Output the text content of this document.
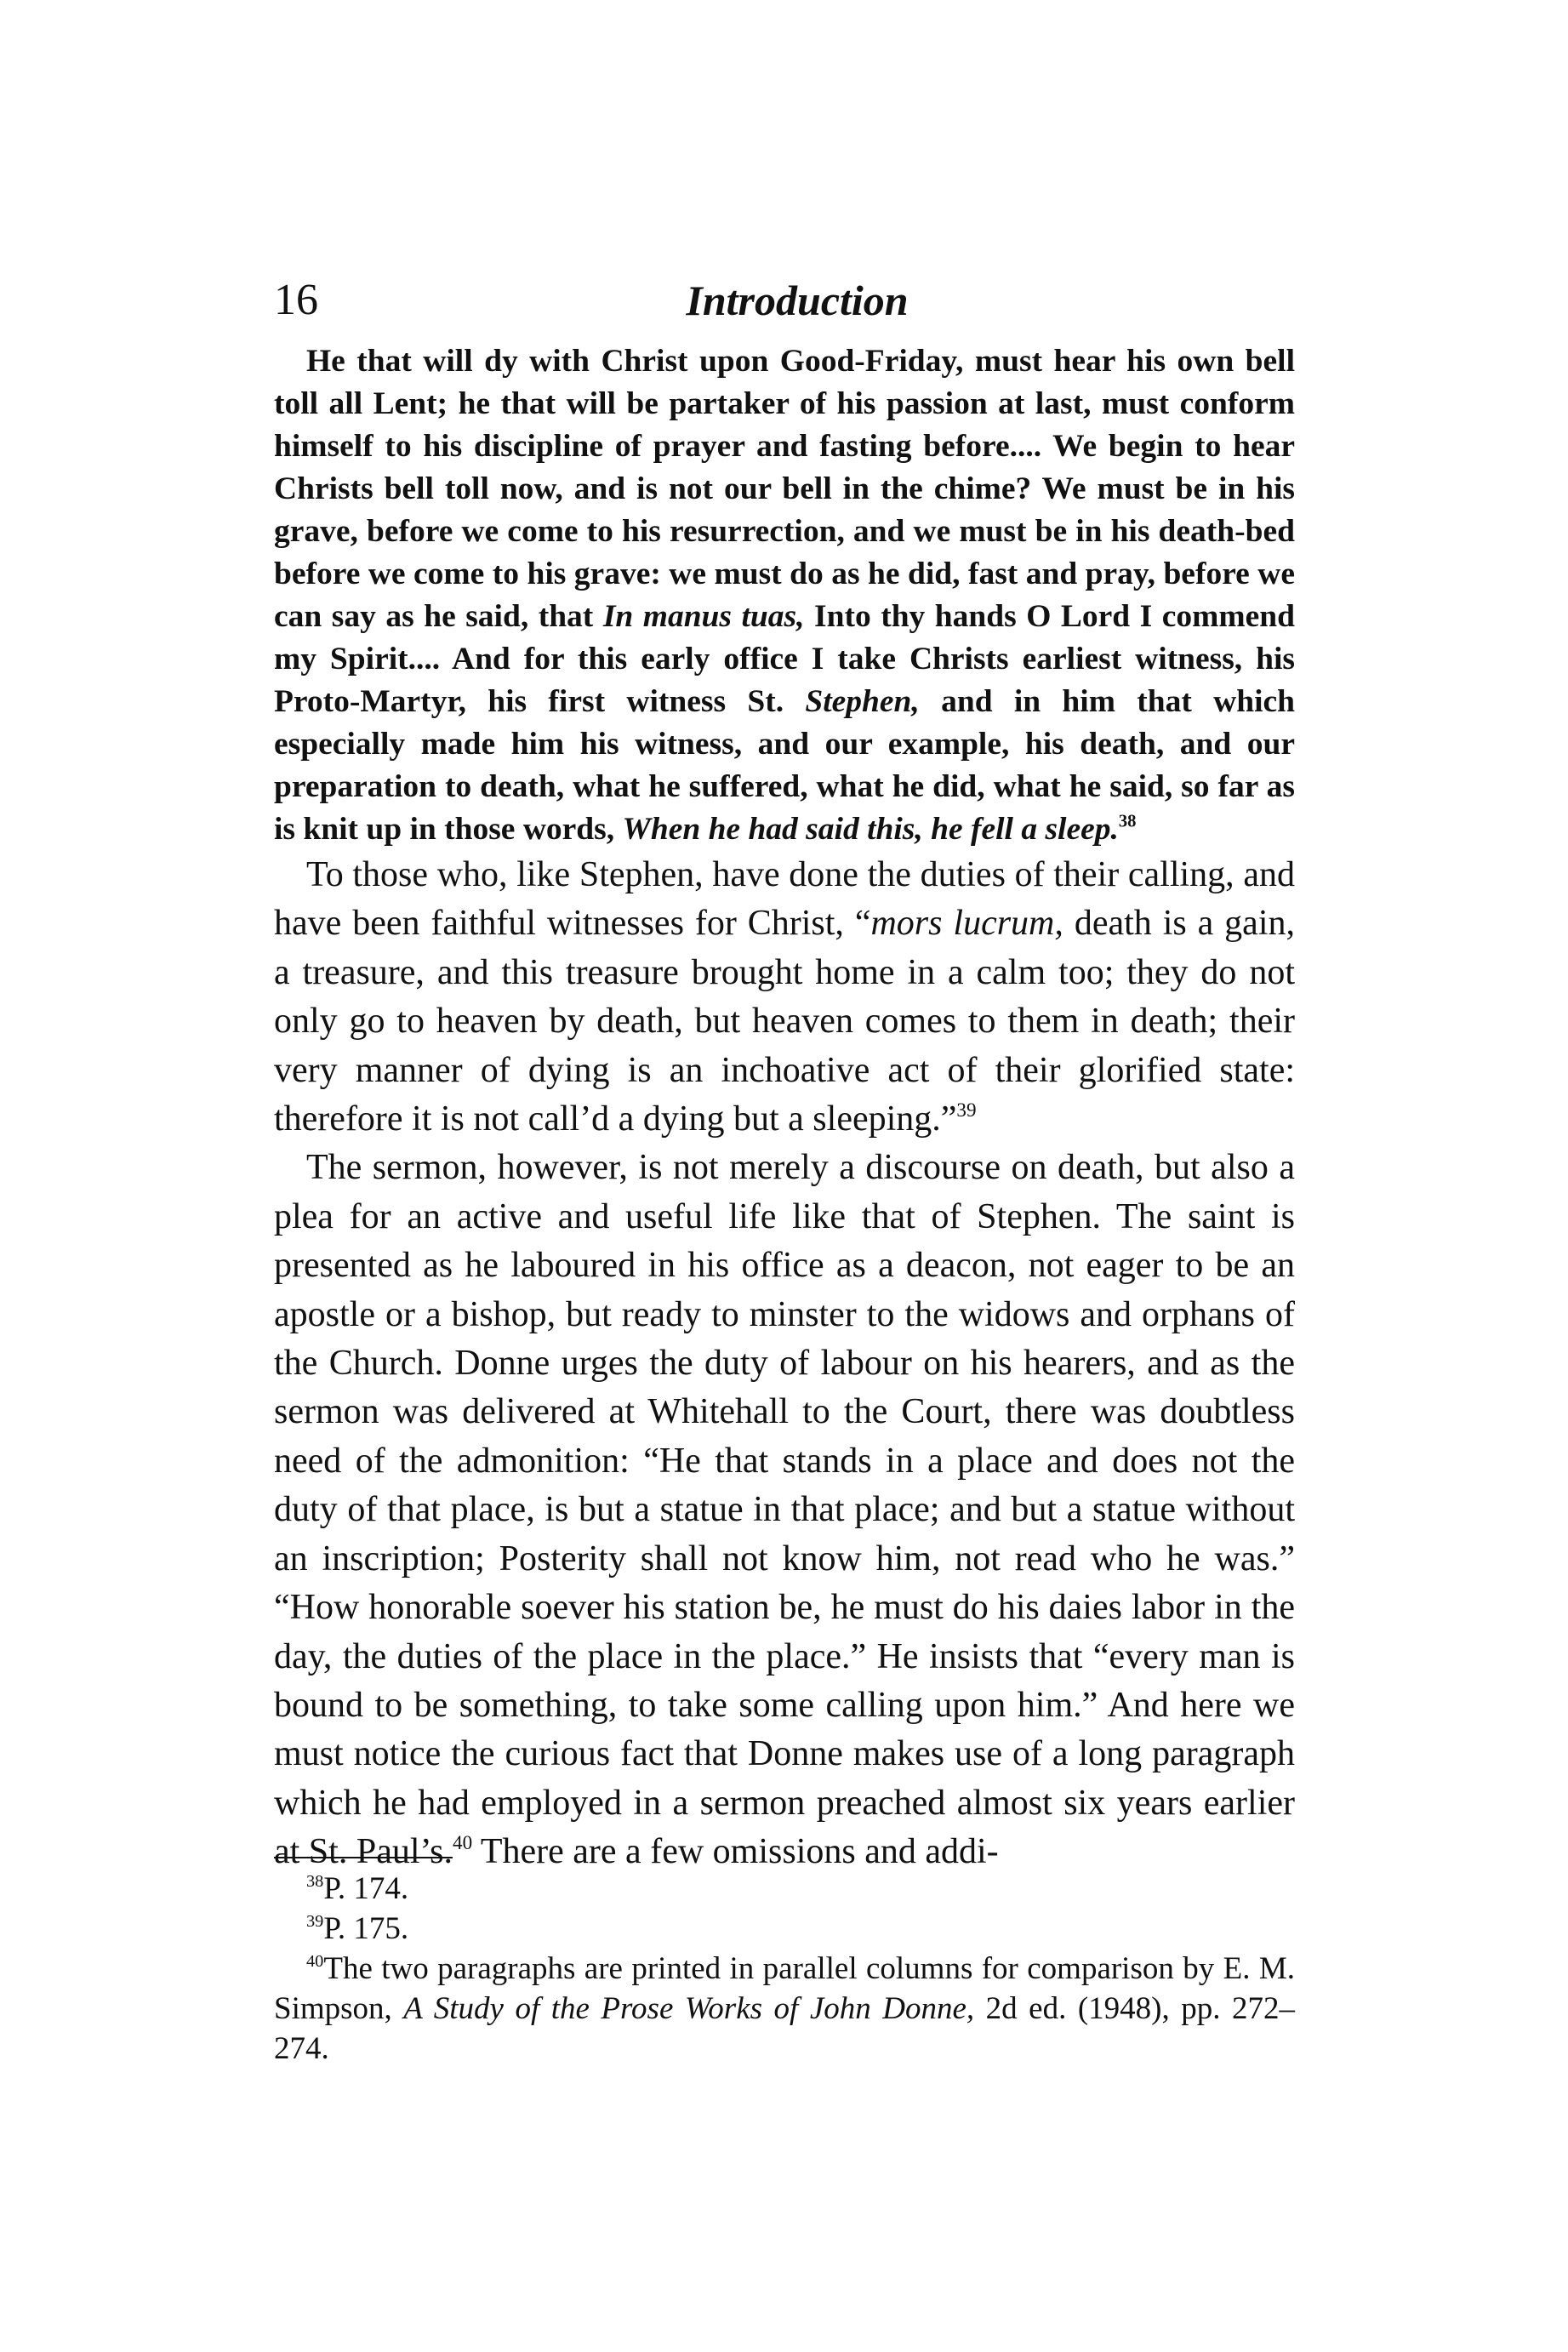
16	Introduction
He that will dy with Christ upon Good-Friday, must hear his own bell toll all Lent; he that will be partaker of his passion at last, must conform himself to his discipline of prayer and fasting before.... We begin to hear Christs bell toll now, and is not our bell in the chime? We must be in his grave, before we come to his resurrection, and we must be in his death-bed before we come to his grave: we must do as he did, fast and pray, before we can say as he said, that In manus tuas, Into thy hands O Lord I commend my Spirit.... And for this early office I take Christs earliest witness, his Proto-Martyr, his first witness St. Stephen, and in him that which especially made him his witness, and our example, his death, and our preparation to death, what he suffered, what he did, what he said, so far as is knit up in those words, When he had said this, he fell a sleep.$^{38}$

To those who, like Stephen, have done the duties of their calling, and have been faithful witnesses for Christ, “mors lucrum, death is a gain, a treasure, and this treasure brought home in a calm too; they do not only go to heaven by death, but heaven comes to them in death; their very manner of dying is an inchoative act of their glorified state: therefore it is not call’d a dying but a sleeping.”$^{39}$

The sermon, however, is not merely a discourse on death, but also a plea for an active and useful life like that of Stephen. The saint is presented as he laboured in his office as a deacon, not eager to be an apostle or a bishop, but ready to minster to the widows and orphans of the Church. Donne urges the duty of labour on his hearers, and as the sermon was delivered at Whitehall to the Court, there was doubtless need of the admonition: “He that stands in a place and does not the duty of that place, is but a statue in that place; and but a statue without an inscription; Posterity shall not know him, not read who he was.” “How honorable soever his station be, he must do his daies labor in the day, the duties of the place in the place.” He insists that “every man is bound to be something, to take some calling upon him.” And here we must notice the curious fact that Donne makes use of a long paragraph which he had employed in a sermon preached almost six years earlier at St. Paul’s.$^{40}$ There are a few omissions and addi-

$^{38}$P. 174.

$^{39}$P. 175.

$^{40}$The two paragraphs are printed in parallel columns for comparison by E. M. Simpson, A Study of the Prose Works of John Donne, 2d ed. (1948), pp. 272–274.
